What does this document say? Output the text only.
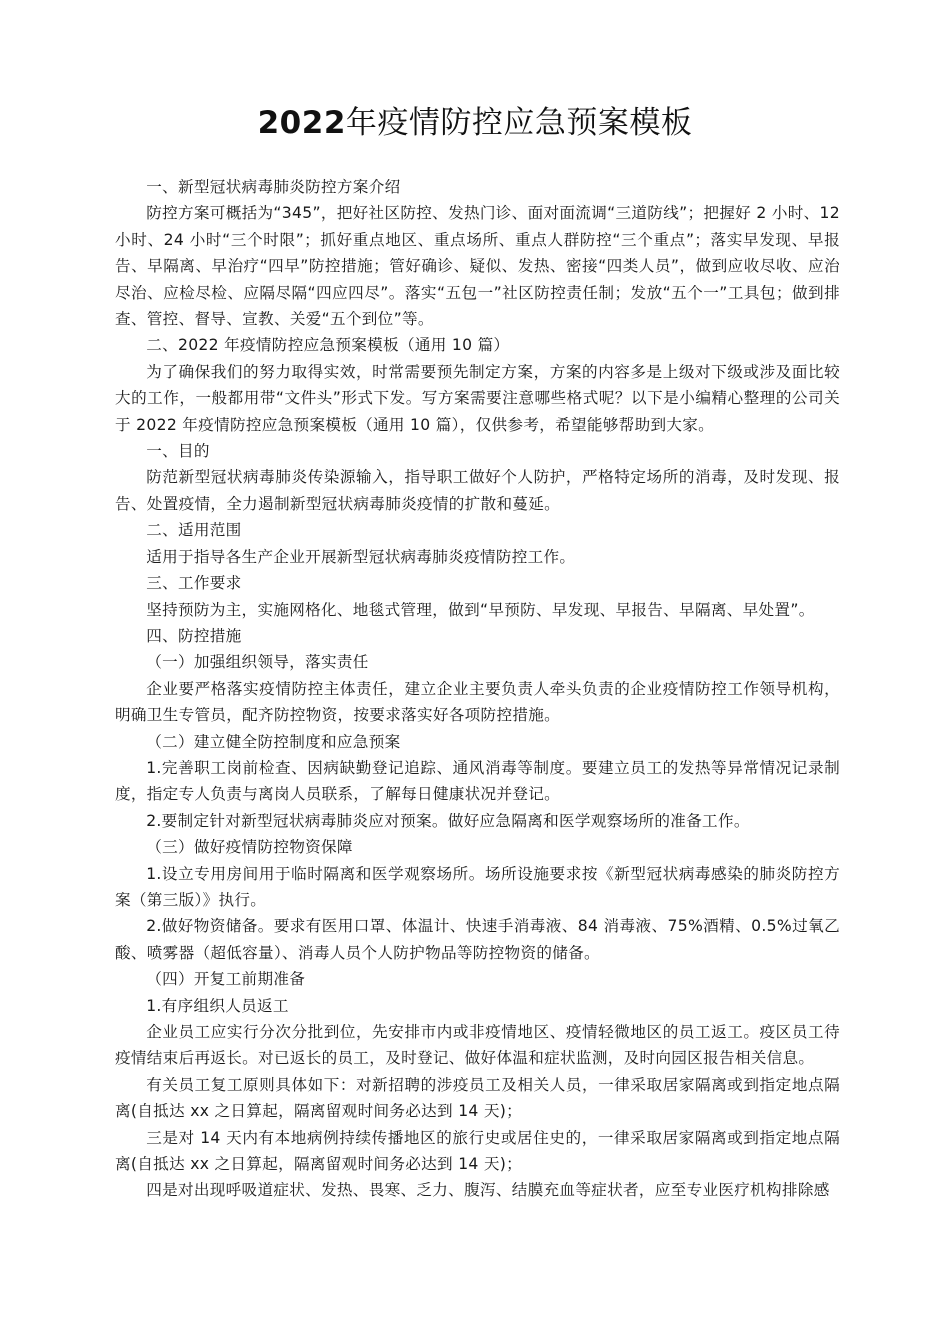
2022年疫情防控应急预案模板

一、新型冠状病毒肺炎防控方案介绍

防控方案可概括为“345”，把好社区防控、发热门诊、面对面流调“三道防线”；把握好 2 小时、12 小时、24 小时“三个时限”；抓好重点地区、重点场所、重点人群防控“三个重点”；落实早发现、早报告、早隔离、早治疗“四早”防控措施；管好确诊、疑似、发热、密接“四类人员”，做到应收尽收、应治尽治、应检尽检、应隔尽隔“四应四尽”。落实“五包一”社区防控责任制；发放“五个一”工具包；做到排查、管控、督导、宣教、关爱“五个到位”等。

二、2022 年疫情防控应急预案模板（通用 10 篇）

为了确保我们的努力取得实效，时常需要预先制定方案，方案的内容多是上级对下级或涉及面比较大的工作，一般都用带“文件头”形式下发。写方案需要注意哪些格式呢？以下是小编精心整理的公司关于 2022 年疫情防控应急预案模板（通用 10 篇），仅供参考，希望能够帮助到大家。

一、目的

防范新型冠状病毒肺炎传染源输入，指导职工做好个人防护，严格特定场所的消毒，及时发现、报告、处置疫情，全力遏制新型冠状病毒肺炎疫情的扩散和蔓延。

二、适用范围

适用于指导各生产企业开展新型冠状病毒肺炎疫情防控工作。

三、工作要求

坚持预防为主，实施网格化、地毯式管理，做到“早预防、早发现、早报告、早隔离、早处置”。

四、防控措施

（一）加强组织领导，落实责任

企业要严格落实疫情防控主体责任，建立企业主要负责人牵头负责的企业疫情防控工作领导机构，明确卫生专管员，配齐防控物资，按要求落实好各项防控措施。

（二）建立健全防控制度和应急预案

1.完善职工岗前检查、因病缺勤登记追踪、通风消毒等制度。要建立员工的发热等异常情况记录制度，指定专人负责与离岗人员联系，了解每日健康状况并登记。

2.要制定针对新型冠状病毒肺炎应对预案。做好应急隔离和医学观察场所的准备工作。

（三）做好疫情防控物资保障

1.设立专用房间用于临时隔离和医学观察场所。场所设施要求按《新型冠状病毒感染的肺炎防控方案（第三版）》执行。

2.做好物资储备。要求有医用口罩、体温计、快速手消毒液、84 消毒液、75%酒精、0.5%过氧乙酸、喷雾器（超低容量）、消毒人员个人防护物品等防控物资的储备。

（四）开复工前期准备

1.有序组织人员返工

企业员工应实行分次分批到位，先安排市内或非疫情地区、疫情轻微地区的员工返工。疫区员工待疫情结束后再返长。对已返长的员工，及时登记、做好体温和症状监测，及时向园区报告相关信息。

有关员工复工原则具体如下：对新招聘的涉疫员工及相关人员，一律采取居家隔离或到指定地点隔离(自抵达 xx 之日算起，隔离留观时间务必达到 14 天)；

三是对 14 天内有本地病例持续传播地区的旅行史或居住史的，一律采取居家隔离或到指定地点隔离(自抵达 xx 之日算起，隔离留观时间务必达到 14 天)；

四是对出现呼吸道症状、发热、畏寒、乏力、腹泻、结膜充血等症状者，应至专业医疗机构排除感
